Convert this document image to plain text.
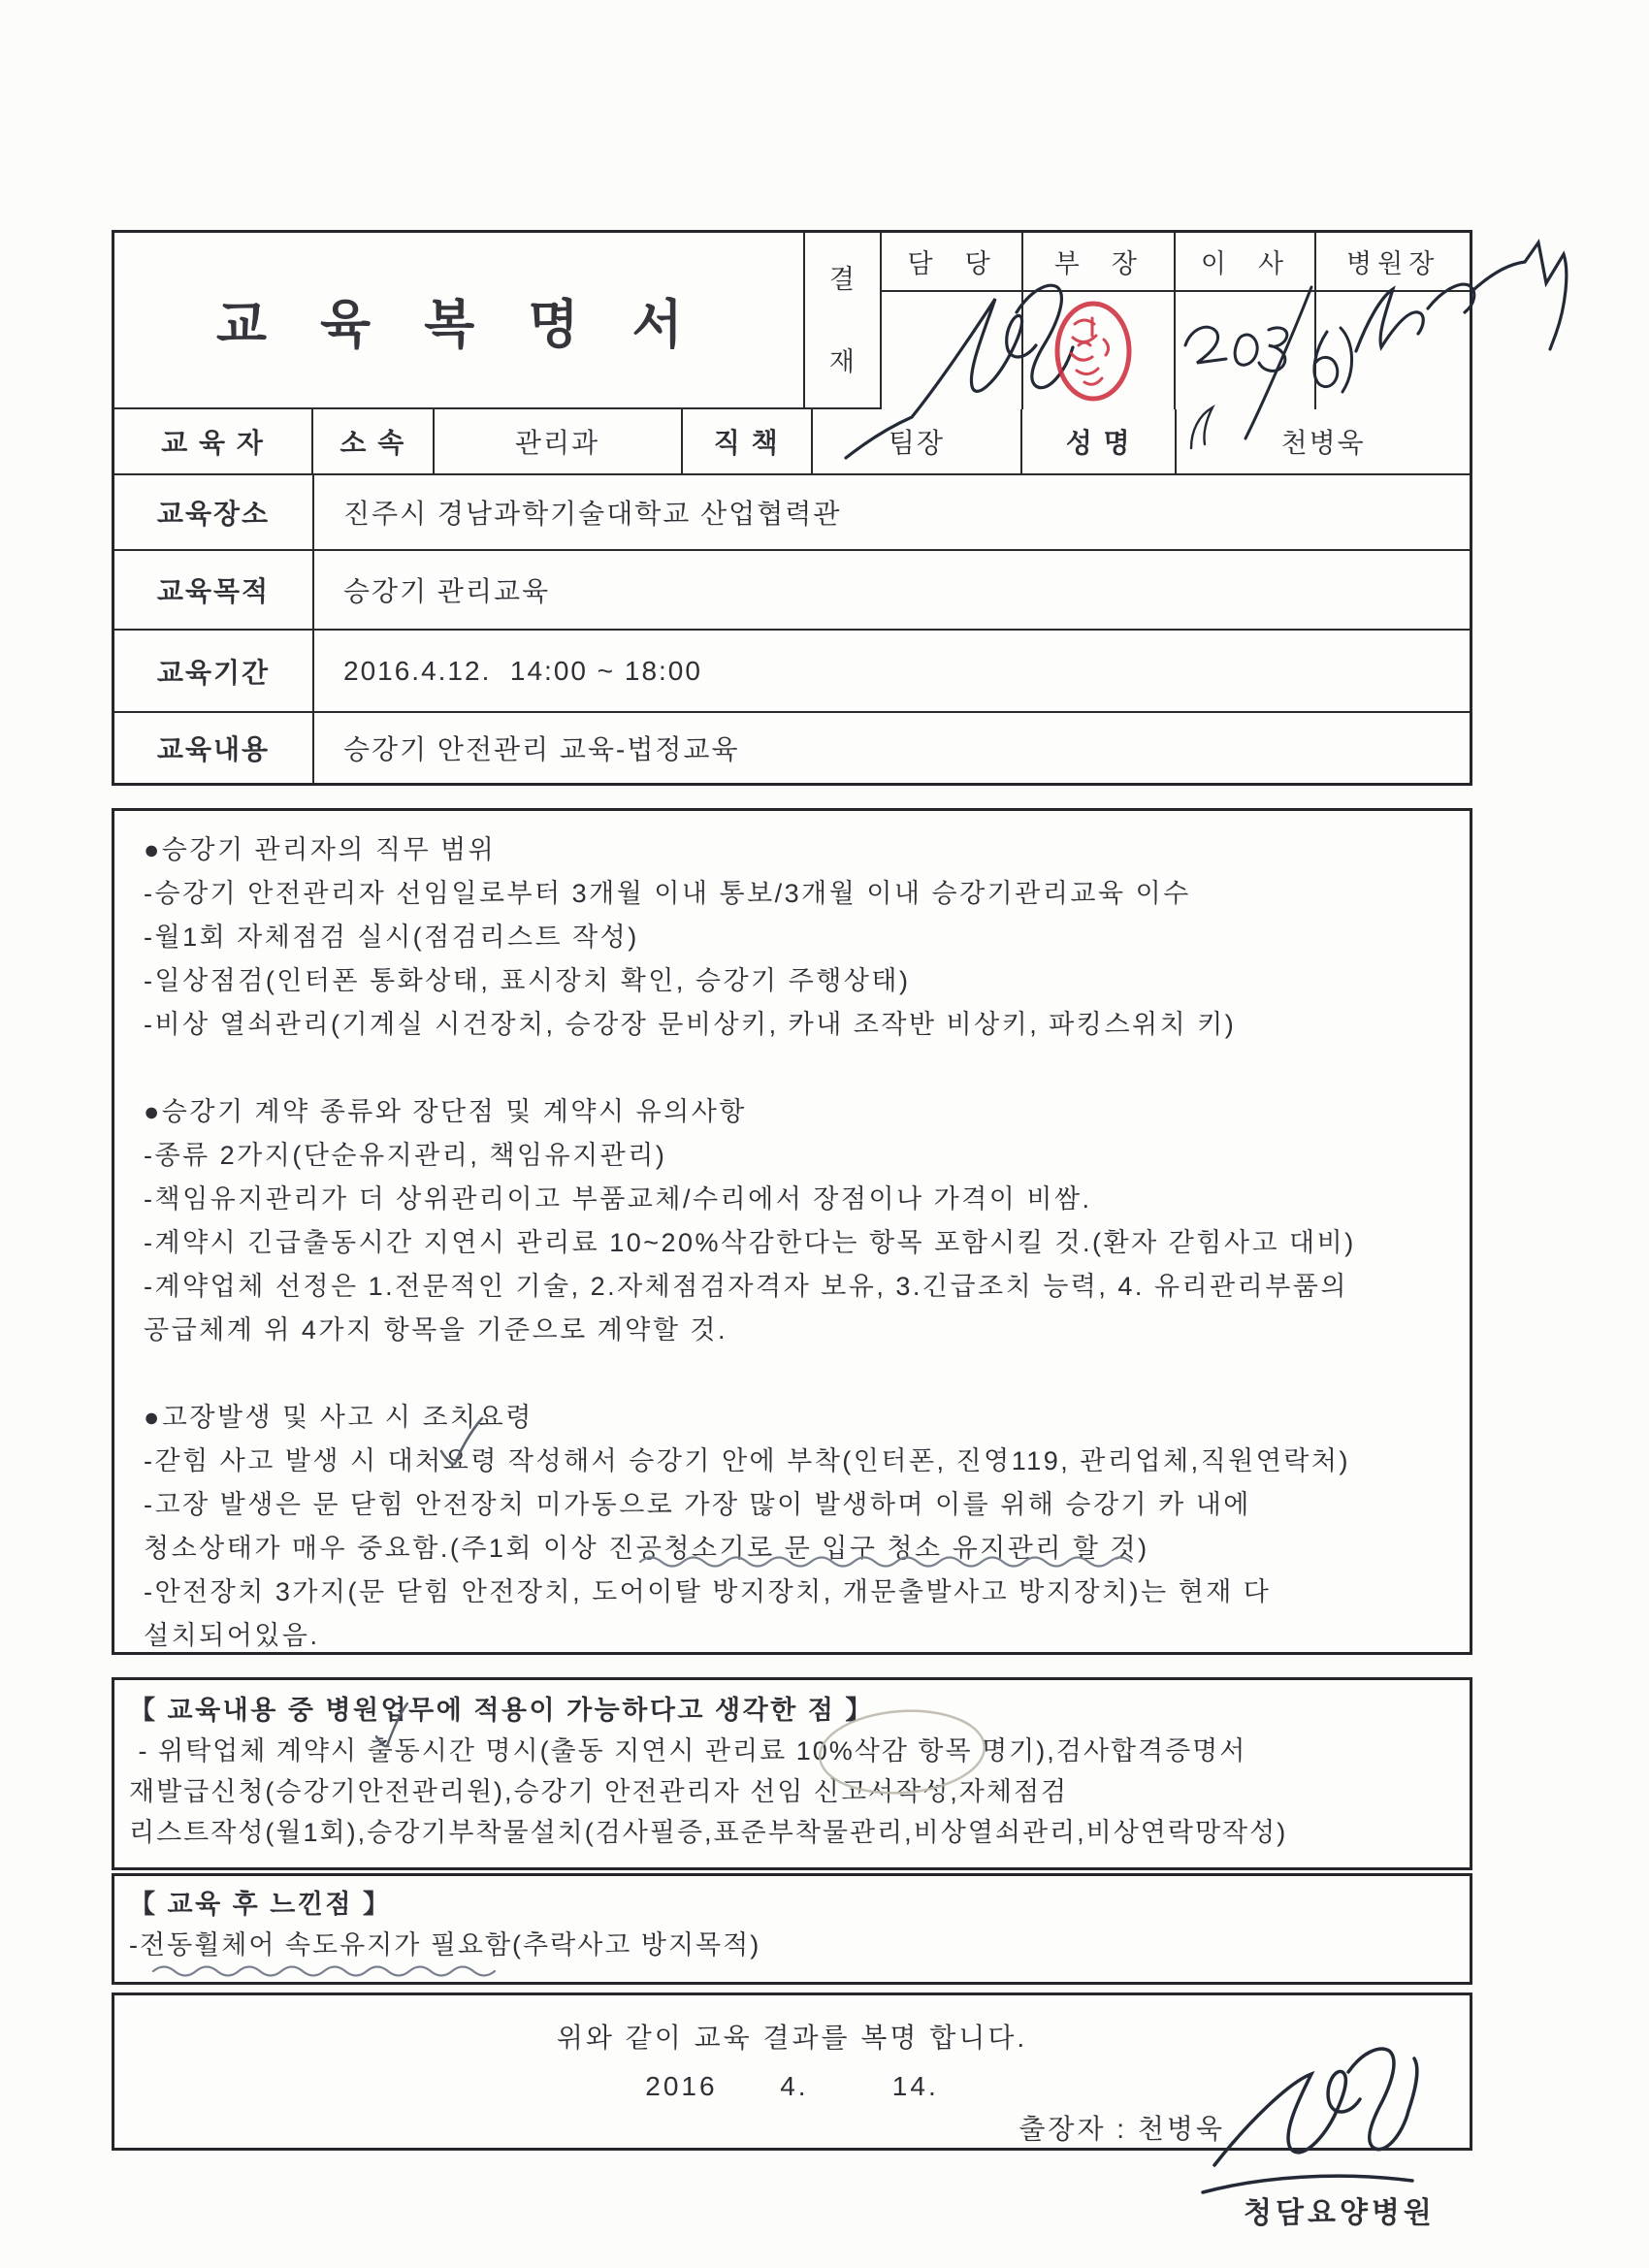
교 육 복 명 서
결
재
담  당	부  장	이  사	병원장
교 육 자	소 속	관리과	직 책	팀장	성 명	천병욱
교육장소	진주시 경남과학기술대학교 산업협력관
교육목적	승강기 관리교육
교육기간	2016.4.12.  14:00 ~ 18:00
교육내용	승강기 안전관리 교육-법정교육
●승강기 관리자의 직무 범위
-승강기 안전관리자 선임일로부터 3개월 이내 통보/3개월 이내 승강기관리교육 이수
-월1회 자체점검 실시(점검리스트 작성)
-일상점검(인터폰 통화상태, 표시장치 확인, 승강기 주행상태)
-비상 열쇠관리(기계실 시건장치, 승강장 문비상키, 카내 조작반 비상키, 파킹스위치 키)
●승강기 계약 종류와 장단점 및 계약시 유의사항
-종류 2가지(단순유지관리, 책임유지관리)
-책임유지관리가 더 상위관리이고 부품교체/수리에서 장점이나 가격이 비쌈.
-계약시 긴급출동시간 지연시 관리료 10~20%삭감한다는 항목 포함시킬 것.(환자 갇힘사고 대비)
-계약업체 선정은 1.전문적인 기술, 2.자체점검자격자 보유, 3.긴급조치 능력, 4. 유리관리부품의
공급체계 위 4가지 항목을 기준으로 계약할 것.
●고장발생 및 사고 시 조치요령
-갇힘 사고 발생 시 대처요령 작성해서 승강기 안에 부착(인터폰, 진영119, 관리업체,직원연락처)
-고장 발생은 문 닫힘 안전장치 미가동으로 가장 많이 발생하며 이를 위해 승강기 카 내에
청소상태가 매우 중요함.(주1회 이상 진공청소기로 문 입구 청소 유지관리 할 것)
-안전장치 3가지(문 닫힘 안전장치, 도어이탈 방지장치, 개문출발사고 방지장치)는 현재 다
설치되어있음.
【 교육내용 중 병원업무에 적용이 가능하다고 생각한 점 】
- 위탁업체 계약시 출동시간 명시(출동 지연시 관리료 10%삭감 항목 명기),검사합격증명서
재발급신청(승강기안전관리원),승강기 안전관리자 선임 신고서작성,자체점검
리스트작성(월1회),승강기부착물설치(검사필증,표준부착물관리,비상열쇠관리,비상연락망작성)
【 교육 후 느낀점 】
-전동휠체어 속도유지가 필요함(추락사고 방지목적)
위와 같이 교육 결과를 복명 합니다.
2016      4.        14.
출장자 : 천병욱
청담요양병원
